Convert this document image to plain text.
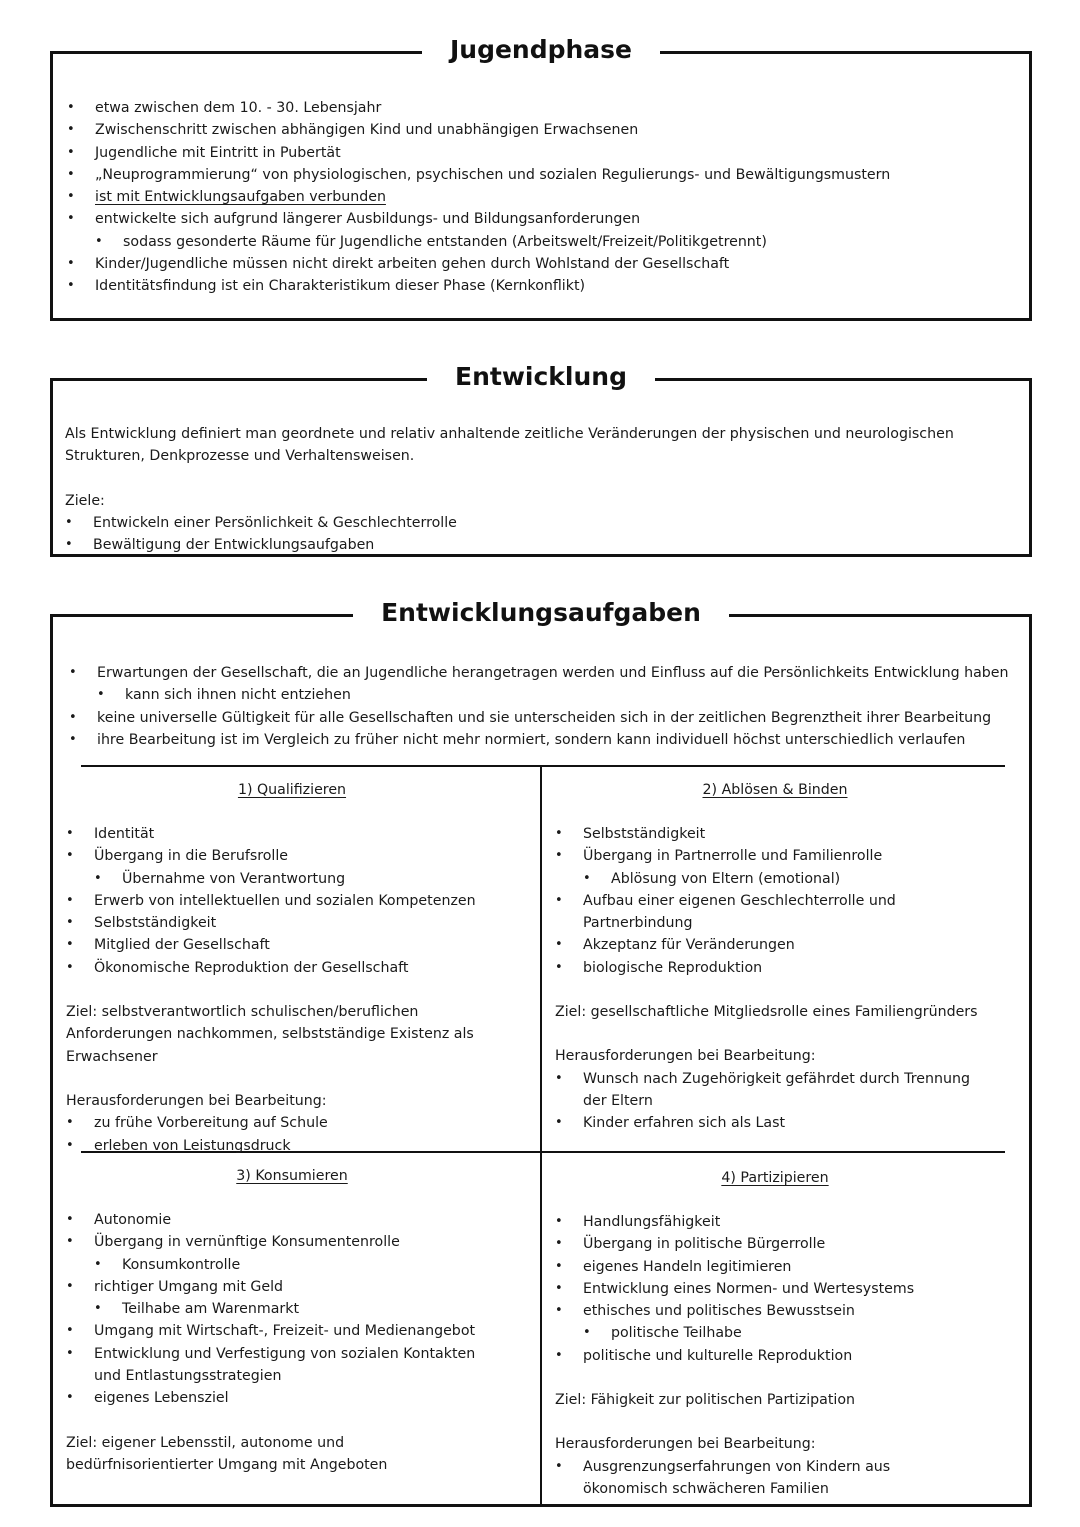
Jugendphase
• etwa zwischen dem 10. - 30. Lebensjahr
• Zwischenschritt zwischen abhängigen Kind und unabhängigen Erwachsenen
• Jugendliche mit Eintritt in Pubertät
• „Neuprogrammierung“ von physiologischen, psychischen und sozialen Regulierungs- und Bewältigungsmustern
• ist mit Entwicklungsaufgaben verbunden
• entwickelte sich aufgrund längerer Ausbildungs- und Bildungsanforderungen
• sodass gesonderte Räume für Jugendliche entstanden (Arbeitswelt/Freizeit/Politikgetrennt)
• Kinder/Jugendliche müssen nicht direkt arbeiten gehen durch Wohlstand der Gesellschaft
• Identitätsfindung ist ein Charakteristikum dieser Phase (Kernkonflikt)
Entwicklung

Als Entwicklung definiert man geordnete und relativ anhaltende zeitliche Veränderungen der physischen und neurologischen Strukturen, Denkprozesse und Verhaltensweisen.

Ziele:

• Entwickeln einer Persönlichkeit & Geschlechterrolle
• Bewältigung der Entwicklungsaufgaben
Entwicklungsaufgaben
• Erwartungen der Gesellschaft, die an Jugendliche herangetragen werden und Einfluss auf die Persönlichkeits Entwicklung haben
• kann sich ihnen nicht entziehen
• keine universelle Gültigkeit für alle Gesellschaften und sie unterscheiden sich in der zeitlichen Begrenztheit ihrer Bearbeitung
• ihre Bearbeitung ist im Vergleich zu früher nicht mehr normiert, sondern kann individuell höchst unterschiedlich verlaufen
1) Qualifizieren
• Identität
• Übergang in die Berufsrolle
• Übernahme von Verantwortung
• Erwerb von intellektuellen und sozialen Kompetenzen
• Selbstständigkeit
• Mitglied der Gesellschaft
• Ökonomische Reproduktion der Gesellschaft

Ziel: selbstverantwortlich schulischen/beruflichen Anforderungen nachkommen, selbstständige Existenz als Erwachsener

Herausforderungen bei Bearbeitung:

• zu frühe Vorbereitung auf Schule
• erleben von Leistungsdruck
2) Ablösen & Binden
• Selbstständigkeit
• Übergang in Partnerrolle und Familienrolle
• Ablösung von Eltern (emotional)
• Aufbau einer eigenen Geschlechterrolle und Partnerbindung
• Akzeptanz für Veränderungen
• biologische Reproduktion

Ziel: gesellschaftliche Mitgliedsrolle eines Familiengründers

Herausforderungen bei Bearbeitung:

• Wunsch nach Zugehörigkeit gefährdet durch Trennung der Eltern
• Kinder erfahren sich als Last
3) Konsumieren
• Autonomie
• Übergang in vernünftige Konsumentenrolle
• Konsumkontrolle
• richtiger Umgang mit Geld
• Teilhabe am Warenmarkt
• Umgang mit Wirtschaft-, Freizeit- und Medienangebot
• Entwicklung und Verfestigung von sozialen Kontakten und Entlastungsstrategien
• eigenes Lebensziel

Ziel: eigener Lebensstil, autonome und bedürfnisorientierter Umgang mit Angeboten

4) Partizipieren
• Handlungsfähigkeit
• Übergang in politische Bürgerrolle
• eigenes Handeln legitimieren
• Entwicklung eines Normen- und Wertesystems
• ethisches und politisches Bewusstsein
• politische Teilhabe
• politische und kulturelle Reproduktion

Ziel: Fähigkeit zur politischen Partizipation

Herausforderungen bei Bearbeitung:

• Ausgrenzungserfahrungen von Kindern aus ökonomisch schwächeren Familien
